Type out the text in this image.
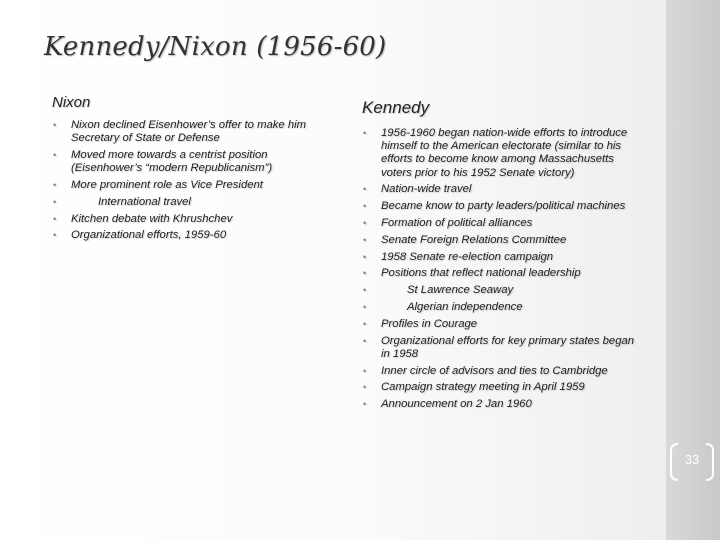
Kennedy/Nixon (1956-60)
Nixon
• Nixon declined Eisenhower’s offer to make him Secretary of State or Defense
• Moved more towards a centrist position (Eisenhower’s “modern Republicanism”)
• More prominent role as Vice President
•	International travel
• Kitchen debate with Khrushchev
• Organizational efforts, 1959-60
Kennedy
• 1956-1960 began nation-wide efforts to introduce himself to the American electorate (similar to his efforts to become know among Massachusetts voters prior to his 1952 Senate victory)
• Nation-wide travel
• Became know to party leaders/political machines
• Formation of political alliances
• Senate Foreign Relations Committee
• 1958 Senate re-election campaign
• Positions that reflect national leadership
•	St Lawrence Seaway
•	Algerian independence
• Profiles in Courage
• Organizational efforts for key primary states began in 1958
• Inner circle of advisors and ties to Cambridge
• Campaign strategy meeting in April 1959
• Announcement on 2 Jan 1960
33
